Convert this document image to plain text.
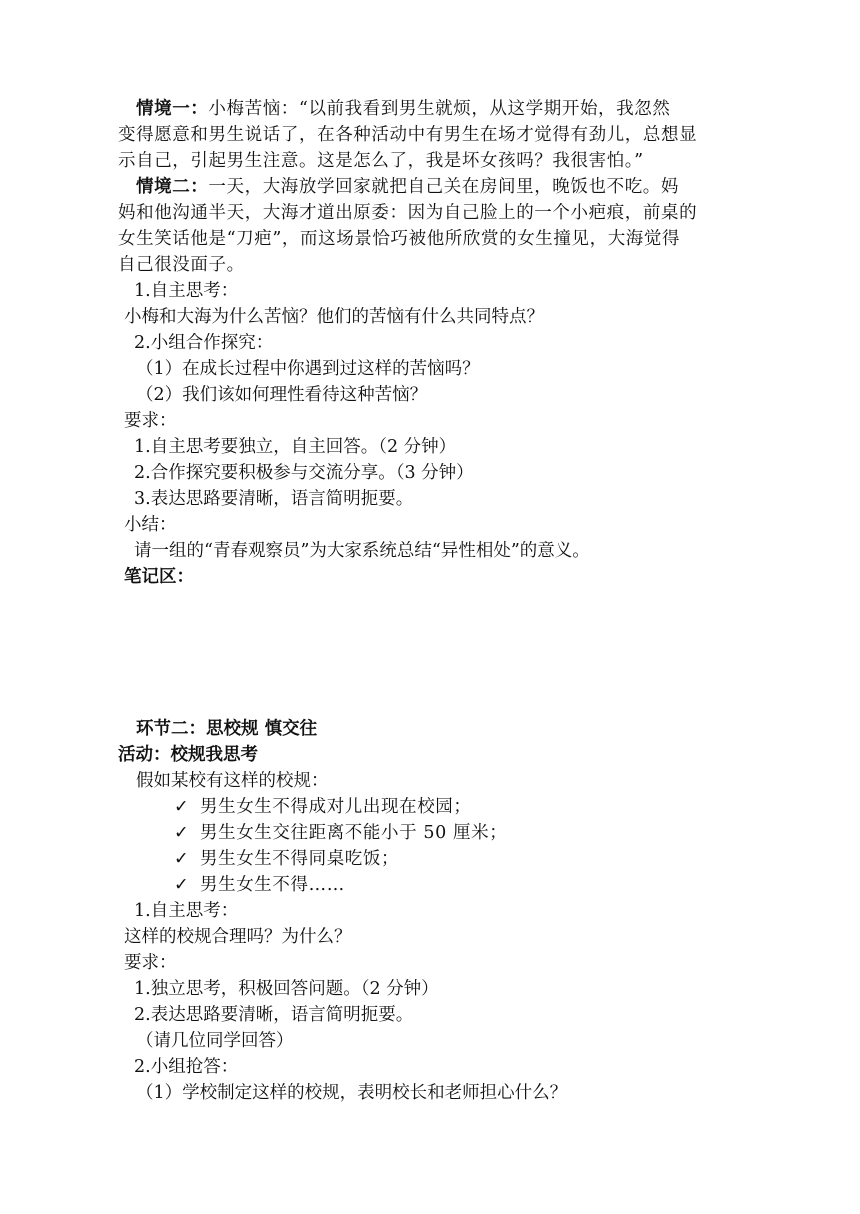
情境一：小梅苦恼：“以前我看到男生就烦，从这学期开始，我忽然
变得愿意和男生说话了，在各种活动中有男生在场才觉得有劲儿，总想显
示自己，引起男生注意。这是怎么了，我是坏女孩吗？我很害怕。”
情境二：一天，大海放学回家就把自己关在房间里，晚饭也不吃。妈
妈和他沟通半天，大海才道出原委：因为自己脸上的一个小疤痕，前桌的
女生笑话他是“刀疤”，而这场景恰巧被他所欣赏的女生撞见，大海觉得
自己很没面子。
1.自主思考：
小梅和大海为什么苦恼？他们的苦恼有什么共同特点？
2.小组合作探究：
（1）在成长过程中你遇到过这样的苦恼吗？
（2）我们该如何理性看待这种苦恼？
要求：
1.自主思考要独立，自主回答。（2 分钟）
2.合作探究要积极参与交流分享。（3 分钟）
3.表达思路要清晰，语言简明扼要。
小结：
请一组的“青春观察员”为大家系统总结“异性相处”的意义。
笔记区：
环节二：思校规 慎交往
活动：校规我思考
假如某校有这样的校规：
✓ 男生女生不得成对儿出现在校园；
✓ 男生女生交往距离不能小于 50 厘米；
✓ 男生女生不得同桌吃饭；
✓ 男生女生不得……
1.自主思考：
这样的校规合理吗？为什么？
要求：
1.独立思考，积极回答问题。（2 分钟）
2.表达思路要清晰，语言简明扼要。
（请几位同学回答）
2.小组抢答：
（1）学校制定这样的校规，表明校长和老师担心什么？
